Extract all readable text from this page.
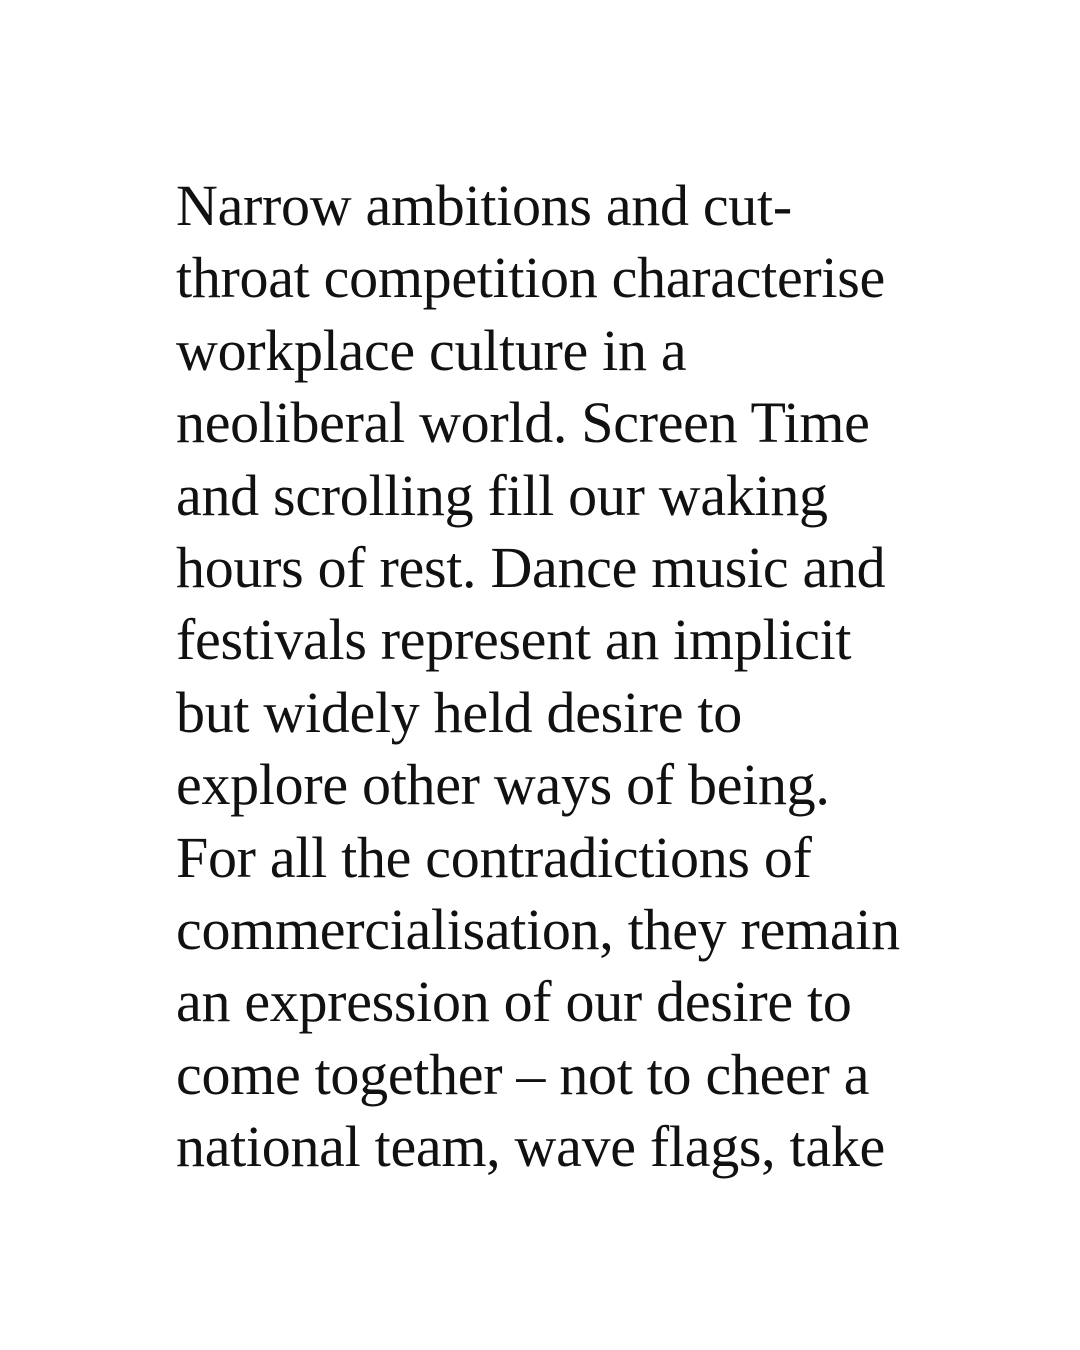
Narrow ambitions and cut-
throat competition characterise
workplace culture in a
neoliberal world. Screen Time
and scrolling fill our waking
hours of rest. Dance music and
festivals represent an implicit
but widely held desire to
explore other ways of being.
For all the contradictions of
commercialisation, they remain
an expression of our desire to
come together – not to cheer a
national team, wave flags, take
